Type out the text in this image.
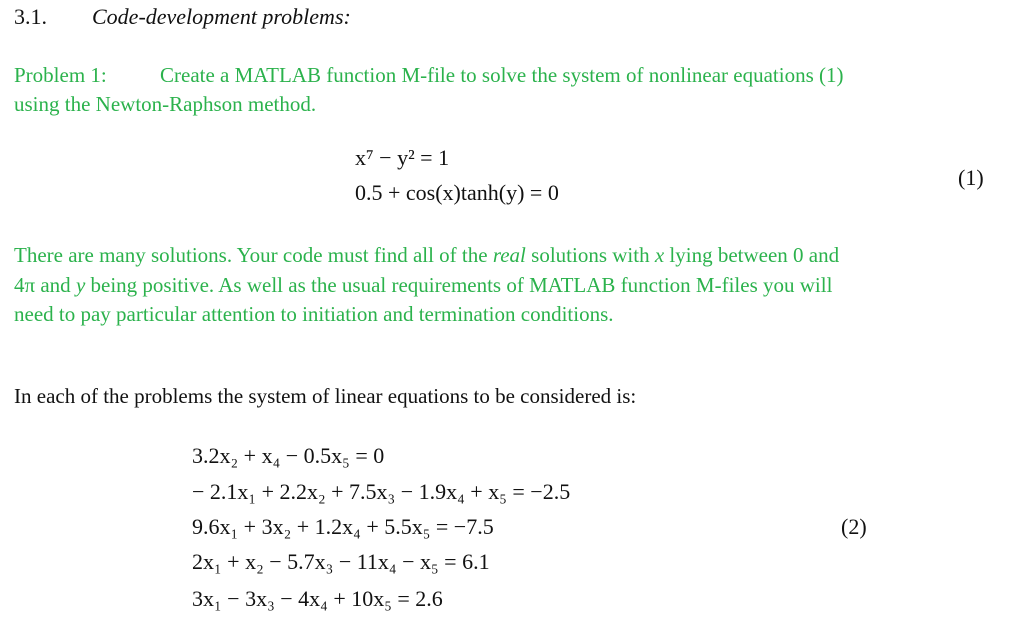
3.1. Code-development problems:
Problem 1:	Create a MATLAB function M-file to solve the system of nonlinear equations (1)
using the Newton-Raphson method.
x⁷ − y² = 1
0.5 + cos(x)tanh(y) = 0
(1)
There are many solutions. Your code must find all of the real solutions with x lying between 0 and
4π and y being positive. As well as the usual requirements of MATLAB function M-files you will
need to pay particular attention to initiation and termination conditions.
In each of the problems the system of linear equations to be considered is:
3.2x₂ + x₄ − 0.5x₅ = 0
− 2.1x₁ + 2.2x₂ + 7.5x₃ − 1.9x₄ + x₅ = −2.5
9.6x₁ + 3x₂ + 1.2x₄ + 5.5x₅ = −7.5
2x₁ + x₂ − 5.7x₃ − 11x₄ − x₅ = 6.1
3x₁ − 3x₃ − 4x₄ + 10x₅ = 2.6
(2)
